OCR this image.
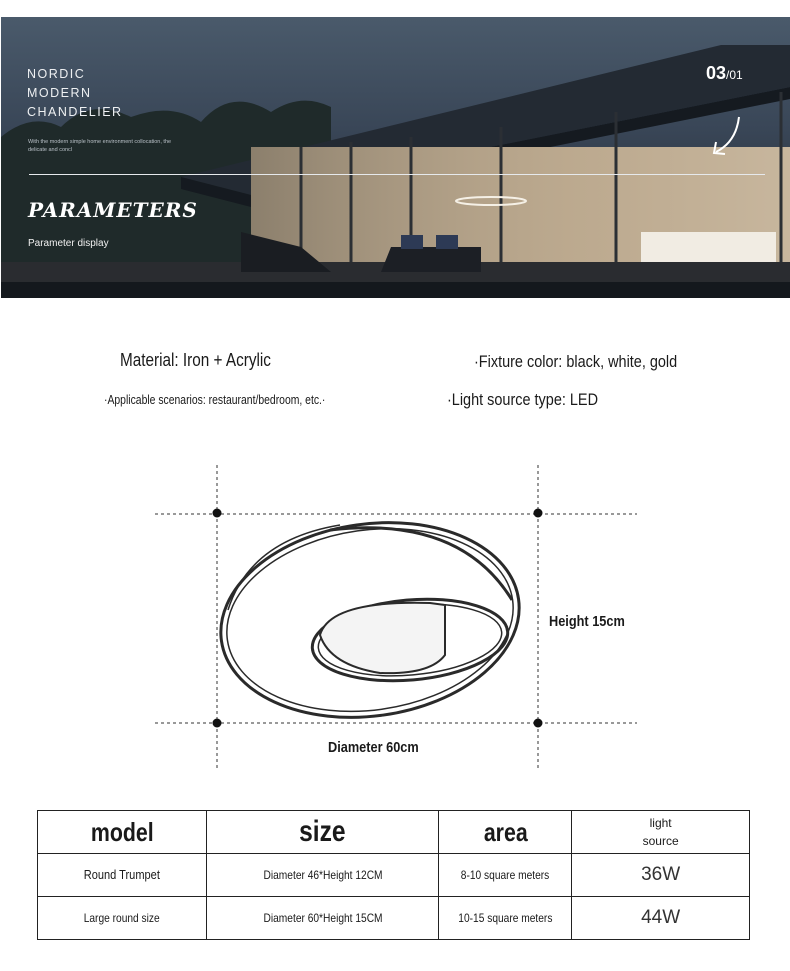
NORDIC
MODERN
CHANDELIER
With the modern simple home environment collocation, the delicate and concl
03/01
PARAMETERS
Parameter display
Material: Iron + Acrylic	·Fixture color: black, white, gold
·Applicable scenarios: restaurant/bedroom, etc.·	·Light source type: LED
Height 15cm
Diameter 60cm
model	size	area	light
source

Round Trumpet	Diameter 46*Height 12CM	8-10 square meters	36W
Large round size	Diameter 60*Height 15CM	10-15 square meters	44W
